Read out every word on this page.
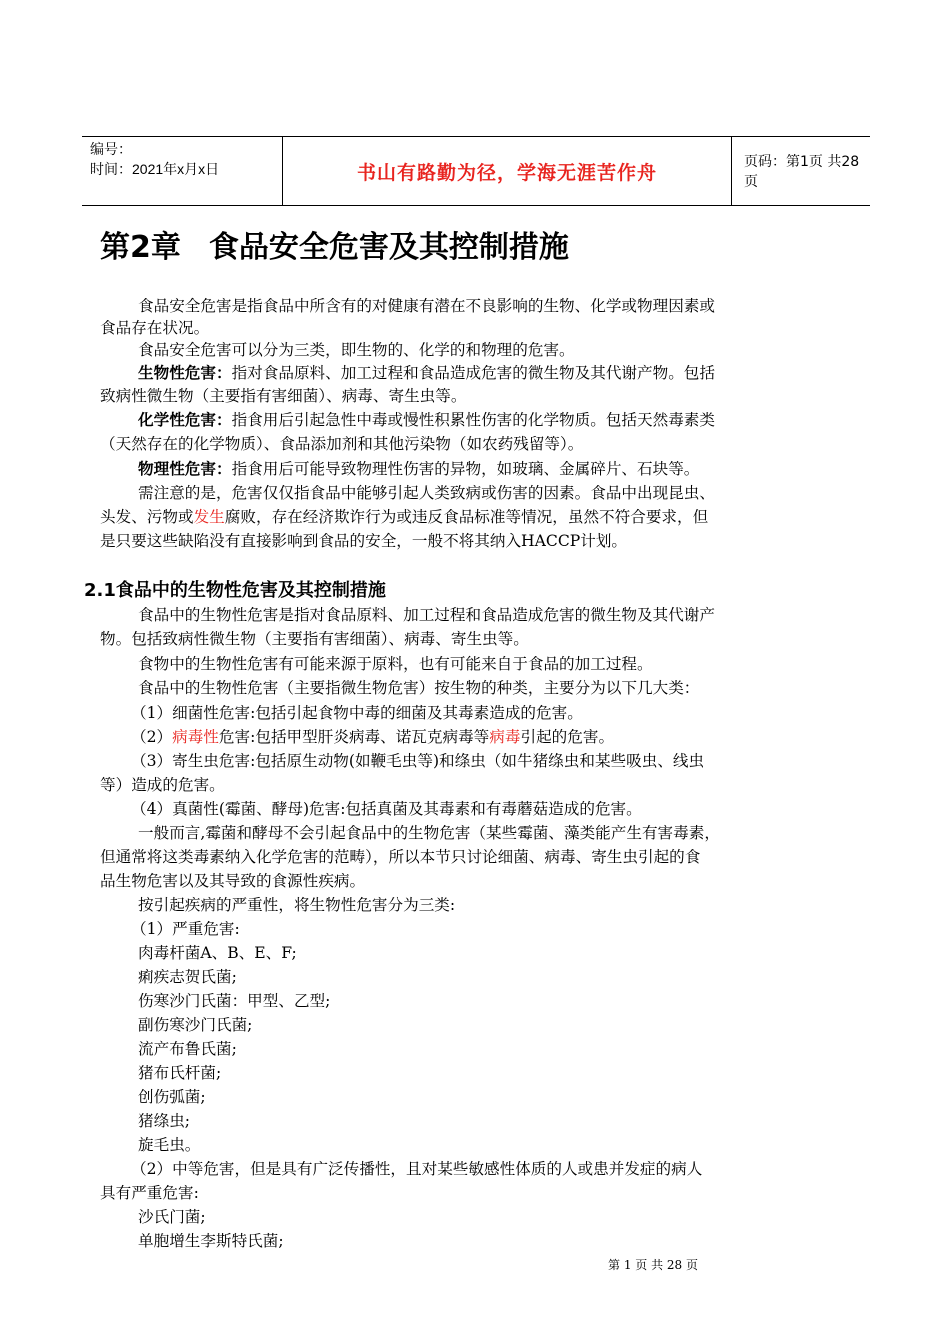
编号：
时间：2021年x月x日	书山有路勤为径，学海无涯苦作舟	页码：第1页 共28页
第2章 食品安全危害及其控制措施
食品安全危害是指食品中所含有的对健康有潜在不良影响的生物、化学或物理因素或
食品存在状况。
食品安全危害可以分为三类，即生物的、化学的和物理的危害。
生物性危害：指对食品原料、加工过程和食品造成危害的微生物及其代谢产物。包括
致病性微生物（主要指有害细菌）、病毒、寄生虫等。
化学性危害：指食用后引起急性中毒或慢性积累性伤害的化学物质。包括天然毒素类
（天然存在的化学物质）、食品添加剂和其他污染物（如农药残留等）。
物理性危害：指食用后可能导致物理性伤害的异物，如玻璃、金属碎片、石块等。
需注意的是，危害仅仅指食品中能够引起人类致病或伤害的因素。食品中出现昆虫、
头发、污物或发生腐败，存在经济欺诈行为或违反食品标准等情况，虽然不符合要求，但
是只要这些缺陷没有直接影响到食品的安全，一般不将其纳入HACCP计划。
2.1食品中的生物性危害及其控制措施
食品中的生物性危害是指对食品原料、加工过程和食品造成危害的微生物及其代谢产
物。包括致病性微生物（主要指有害细菌）、病毒、寄生虫等。
食物中的生物性危害有可能来源于原料，也有可能来自于食品的加工过程。
食品中的生物性危害（主要指微生物危害）按生物的种类，主要分为以下几大类：
（1）细菌性危害:包括引起食物中毒的细菌及其毒素造成的危害。
（2）病毒性危害:包括甲型肝炎病毒、诺瓦克病毒等病毒引起的危害。
（3）寄生虫危害:包括原生动物(如鞭毛虫等)和绦虫（如牛猪绦虫和某些吸虫、线虫
等）造成的危害。
（4）真菌性(霉菌、酵母)危害:包括真菌及其毒素和有毒蘑菇造成的危害。
一般而言,霉菌和酵母不会引起食品中的生物危害（某些霉菌、藻类能产生有害毒素，
但通常将这类毒素纳入化学危害的范畴），所以本节只讨论细菌、病毒、寄生虫引起的食
品生物危害以及其导致的食源性疾病。
按引起疾病的严重性，将生物性危害分为三类:
（1）严重危害:
肉毒杆菌A、B、E、F;
痢疾志贺氏菌;
伤寒沙门氏菌：甲型、乙型;
副伤寒沙门氏菌;
流产布鲁氏菌;
猪布氏杆菌;
创伤弧菌;
猪绦虫;
旋毛虫。
（2）中等危害，但是具有广泛传播性，且对某些敏感性体质的人或患并发症的病人
具有严重危害:
沙氏门菌;
单胞增生李斯特氏菌;
第 1 页 共 28 页
